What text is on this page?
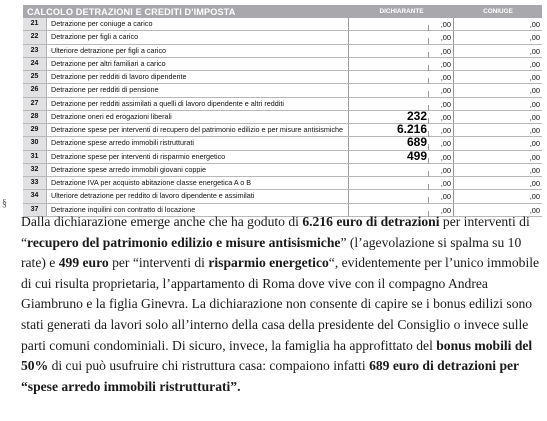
CALCOLO DETRAZIONI E CREDITI D'IMPOSTA	DICHIARANTE	CONIUGE
21	Detrazione per coniuge a carico	,00	,00
22	Detrazione per figli a carico	,00	,00
23	Ulteriore detrazione per figli a carico	,00	,00
24	Detrazione per altri familiari a carico	,00	,00
25	Detrazione per redditi di lavoro dipendente	,00	,00
26	Detrazione per redditi di pensione	,00	,00
27	Detrazione per redditi assimilati a quelli di lavoro dipendente e altri redditi	,00	,00
28	Detrazione oneri ed erogazioni liberali	232 ,00	,00
29	Detrazione spese per interventi di recupero del patrimonio edilizio e per misure antisismiche	6.216 ,00	,00
30	Detrazione spese arredo immobili ristrutturati	689 ,00	,00
31	Detrazione spese per interventi di risparmio energetico	499 ,00	,00
32	Detrazione spese arredo immobili giovani coppie	,00	,00
33	Detrazione IVA per acquisto abitazione classe energetica A o B	,00	,00
34	Ulteriore detrazione per reddito di lavoro dipendente e assimilati	,00	,00
37	Detrazione inquilini con contratto di locazione	,00	,00
§

Dalla dichiarazione emerge anche che ha goduto di 6.216 euro di detrazioni per interventi di “recupero del patrimonio edilizio e misure antisismiche” (l’agevolazione si spalma su 10 rate) e 499 euro per “interventi di risparmio energetico“, evidentemente per l’unico immobile di cui risulta proprietaria, l’appartamento di Roma dove vive con il compagno Andrea Giambruno e la figlia Ginevra. La dichiarazione non consente di capire se i bonus edilizi sono stati generati da lavori solo all’interno della casa della presidente del Consiglio o invece sulle parti comuni condominiali. Di sicuro, invece, la famiglia ha approfittato del bonus mobili del 50% di cui può usufruire chi ristruttura casa: compaiono infatti 689 euro di detrazioni per “spese arredo immobili ristrutturati”.
